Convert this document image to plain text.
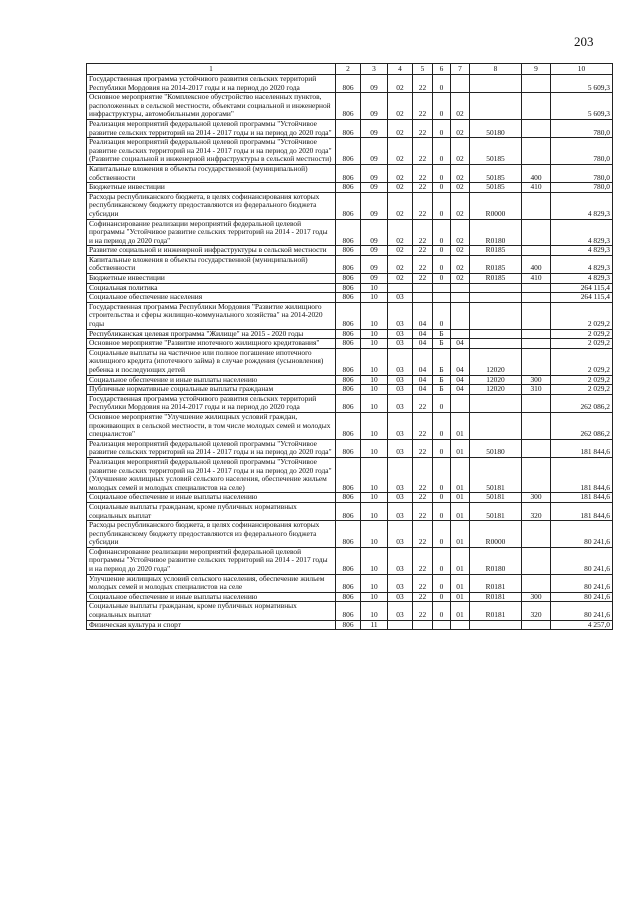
203
1	2	3	4	5	6	7	8	9	10
Государственная программа устойчивого развития сельских территорий Республики Мордовия на 2014-2017 годы и на период до 2020 года	806	09	02	22	0				5 609,3
Основное мероприятие "Комплексное обустройство населенных пунктов, расположенных в сельской местности, объектами социальной и инженерной инфраструктуры, автомобильными дорогами"	806	09	02	22	0	02			5 609,3
Реализация мероприятий федеральной целевой программы "Устойчивое развитие сельских территорий на 2014 - 2017 годы и на период до 2020 года"	806	09	02	22	0	02	50180		780,0
Реализация мероприятий федеральной целевой программы "Устойчивое развитие сельских территорий на 2014 - 2017 годы и на период до 2020 года" (Развитие социальной и инженерной инфраструктуры в сельской местности)	806	09	02	22	0	02	50185		780,0
Капитальные вложения в объекты государственной (муниципальной) собственности	806	09	02	22	0	02	50185	400	780,0
Бюджетные инвестиции	806	09	02	22	0	02	50185	410	780,0
Расходы республиканского бюджета, в целях софинансирования которых республиканскому бюджету предоставляются из федерального бюджета субсидии	806	09	02	22	0	02	R0000		4 829,3
Софинансирование реализации мероприятий федеральной целевой программы "Устойчивое развитие сельских территорий на 2014 - 2017 годы и на период до 2020 года"	806	09	02	22	0	02	R0180		4 829,3
Развитие социальной и инженерной инфраструктуры в сельской местности	806	09	02	22	0	02	R0185		4 829,3
Капитальные вложения в объекты государственной (муниципальной) собственности	806	09	02	22	0	02	R0185	400	4 829,3
Бюджетные инвестиции	806	09	02	22	0	02	R0185	410	4 829,3
Социальная политика	806	10							264 115,4
Социальное обеспечение населения	806	10	03						264 115,4
Государственная программа Республики Мордовия "Развитие жилищного строительства и сферы жилищно-коммунального хозяйства" на 2014-2020 годы	806	10	03	04	0				2 029,2
Республиканская целевая программа "Жилище" на 2015 - 2020 годы	806	10	03	04	Б				2 029,2
Основное мероприятие "Развитие ипотечного жилищного кредитования"	806	10	03	04	Б	04			2 029,2
Социальные выплаты на частичное или полное погашение ипотечного жилищного кредита (ипотечного займа) в случае рождения (усыновления) ребенка и последующих детей	806	10	03	04	Б	04	12020		2 029,2
Социальное обеспечение и иные выплаты населению	806	10	03	04	Б	04	12020	300	2 029,2
Публичные нормативные социальные выплаты гражданам	806	10	03	04	Б	04	12020	310	2 029,2
Государственная программа устойчивого развития сельских территорий Республики Мордовия на 2014-2017 годы и на период до 2020 года	806	10	03	22	0				262 086,2
Основное мероприятие "Улучшение жилищных условий граждан, проживающих в сельской местности, в том числе молодых семей и молодых специалистов"	806	10	03	22	0	01			262 086,2
Реализация мероприятий федеральной целевой программы "Устойчивое развитие сельских территорий на 2014 - 2017 годы и на период до 2020 года"	806	10	03	22	0	01	50180		181 844,6
Реализация мероприятий федеральной целевой программы "Устойчивое развитие сельских территорий на 2014 - 2017 годы и на период до 2020 года" (Улучшение жилищных условий сельского населения, обеспечение жильем молодых семей и молодых специалистов на селе)	806	10	03	22	0	01	50181		181 844,6
Социальное обеспечение и иные выплаты населению	806	10	03	22	0	01	50181	300	181 844,6
Социальные выплаты гражданам, кроме публичных нормативных социальных выплат	806	10	03	22	0	01	50181	320	181 844,6
Расходы республиканского бюджета, в целях софинансирования которых республиканскому бюджету предоставляются из федерального бюджета субсидии	806	10	03	22	0	01	R0000		80 241,6
Софинансирование реализации мероприятий федеральной целевой программы "Устойчивое развитие сельских территорий на 2014 - 2017 годы и на период до 2020 года"	806	10	03	22	0	01	R0180		80 241,6
Улучшение жилищных условий сельского населения, обеспечение жильем молодых семей и молодых специалистов на селе	806	10	03	22	0	01	R0181		80 241,6
Социальное обеспечение и иные выплаты населению	806	10	03	22	0	01	R0181	300	80 241,6
Социальные выплаты гражданам, кроме публичных нормативных социальных выплат	806	10	03	22	0	01	R0181	320	80 241,6
Физическая культура и спорт	806	11							4 257,0
